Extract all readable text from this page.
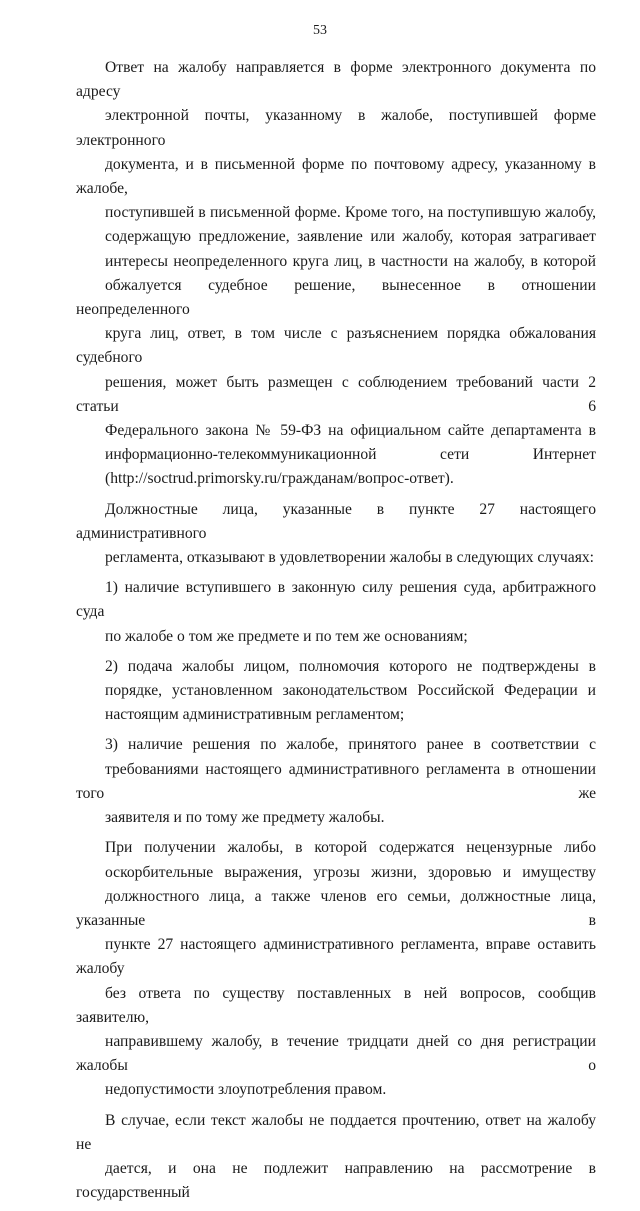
53

Ответ на жалобу направляется в форме электронного документа по адресу
электронной почты, указанному в жалобе, поступившей форме электронного
документа, и в письменной форме по почтовому адресу, указанному в жалобе,
поступившей в письменной форме. Кроме того, на поступившую жалобу,
содержащую предложение, заявление или жалобу, которая затрагивает
интересы неопределенного круга лиц, в частности на жалобу, в которой
обжалуется судебное решение, вынесенное в отношении неопределенного
круга лиц, ответ, в том числе с разъяснением порядка обжалования судебного
решения, может быть размещен с соблюдением требований части 2 статьи 6
Федерального закона № 59-ФЗ на официальном сайте департамента в
информационно-телекоммуникационной сети Интернет
(http://soctrud.primorsky.ru/гражданам/вопрос-ответ).

Должностные лица, указанные в пункте 27 настоящего административного
регламента, отказывают в удовлетворении жалобы в следующих случаях:

1) наличие вступившего в законную силу решения суда, арбитражного суда
по жалобе о том же предмете и по тем же основаниям;

2) подача жалобы лицом, полномочия которого не подтверждены в
порядке, установленном законодательством Российской Федерации и
настоящим административным регламентом;

3) наличие решения по жалобе, принятого ранее в соответствии с
требованиями настоящего административного регламента в отношении того же
заявителя и по тому же предмету жалобы.

При получении жалобы, в которой содержатся нецензурные либо
оскорбительные выражения, угрозы жизни, здоровью и имуществу
должностного лица, а также членов его семьи, должностные лица, указанные в
пункте 27 настоящего административного регламента, вправе оставить жалобу
без ответа по существу поставленных в ней вопросов, сообщив заявителю,
направившему жалобу, в течение тридцати дней со дня регистрации жалобы о
недопустимости злоупотребления правом.

В случае, если текст жалобы не поддается прочтению, ответ на жалобу не
дается, и она не подлежит направлению на рассмотрение в государственный
